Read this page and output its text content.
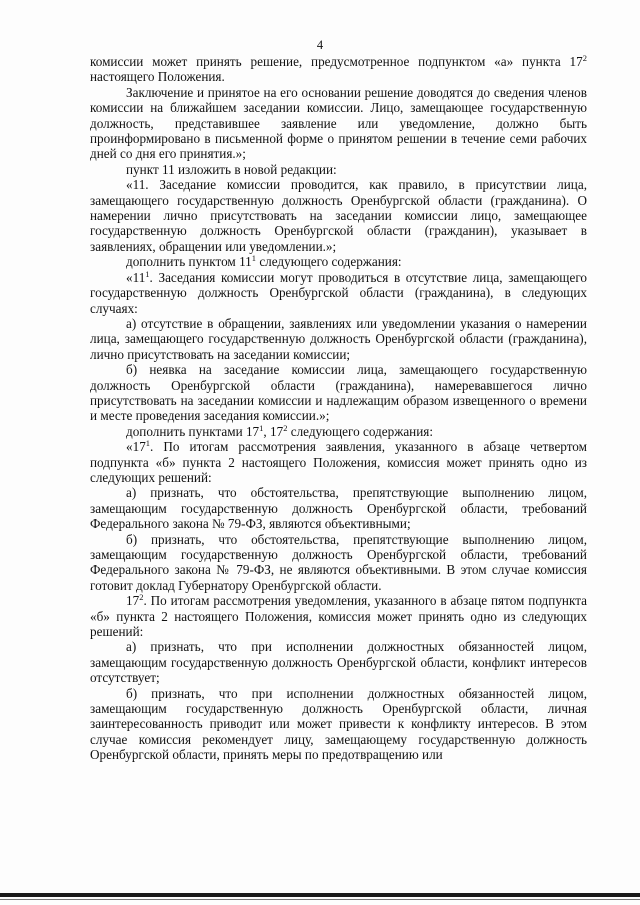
4

комиссии может принять решение, предусмотренное подпунктом «а» пункта $17^2$ настоящего Положения.

Заключение и принятое на его основании решение доводятся до сведения членов комиссии на ближайшем заседании комиссии. Лицо, замещающее государственную должность, представившее заявление или уведомление, должно быть проинформировано в письменной форме о принятом решении в течение семи рабочих дней со дня его принятия.»;

пункт 11 изложить в новой редакции:

«11. Заседание комиссии проводится, как правило, в присутствии лица, замещающего государственную должность Оренбургской области (гражданина). О намерении лично присутствовать на заседании комиссии лицо, замещающее государственную должность Оренбургской области (гражданин), указывает в заявлениях, обращении или уведомлении.»;

дополнить пунктом $11^1$ следующего содержания:

«$11^1$. Заседания комиссии могут проводиться в отсутствие лица, замещающего государственную должность Оренбургской области (гражданина), в следующих случаях:

а) отсутствие в обращении, заявлениях или уведомлении указания о намерении лица, замещающего государственную должность Оренбургской области (гражданина), лично присутствовать на заседании комиссии;

б) неявка на заседание комиссии лица, замещающего государственную должность Оренбургской области (гражданина), намеревавшегося лично присутствовать на заседании комиссии и надлежащим образом извещенного о времени и месте проведения заседания комиссии.»;

дополнить пунктами $17^1$, $17^2$ следующего содержания:

«$17^1$. По итогам рассмотрения заявления, указанного в абзаце четвертом подпункта «б» пункта 2 настоящего Положения, комиссия может принять одно из следующих решений:

а) признать, что обстоятельства, препятствующие выполнению лицом, замещающим государственную должность Оренбургской области, требований Федерального закона № 79-ФЗ, являются объективными;

б) признать, что обстоятельства, препятствующие выполнению лицом, замещающим государственную должность Оренбургской области, требований Федерального закона № 79-ФЗ, не являются объективными. В этом случае комиссия готовит доклад Губернатору Оренбургской области.

$17^2$. По итогам рассмотрения уведомления, указанного в абзаце пятом подпункта «б» пункта 2 настоящего Положения, комиссия может принять одно из следующих решений:

а) признать, что при исполнении должностных обязанностей лицом, замещающим государственную должность Оренбургской области, конфликт интересов отсутствует;

б) признать, что при исполнении должностных обязанностей лицом, замещающим государственную должность Оренбургской области, личная заинтересованность приводит или может привести к конфликту интересов. В этом случае комиссия рекомендует лицу, замещающему государственную должность Оренбургской области, принять меры по предотвращению или
